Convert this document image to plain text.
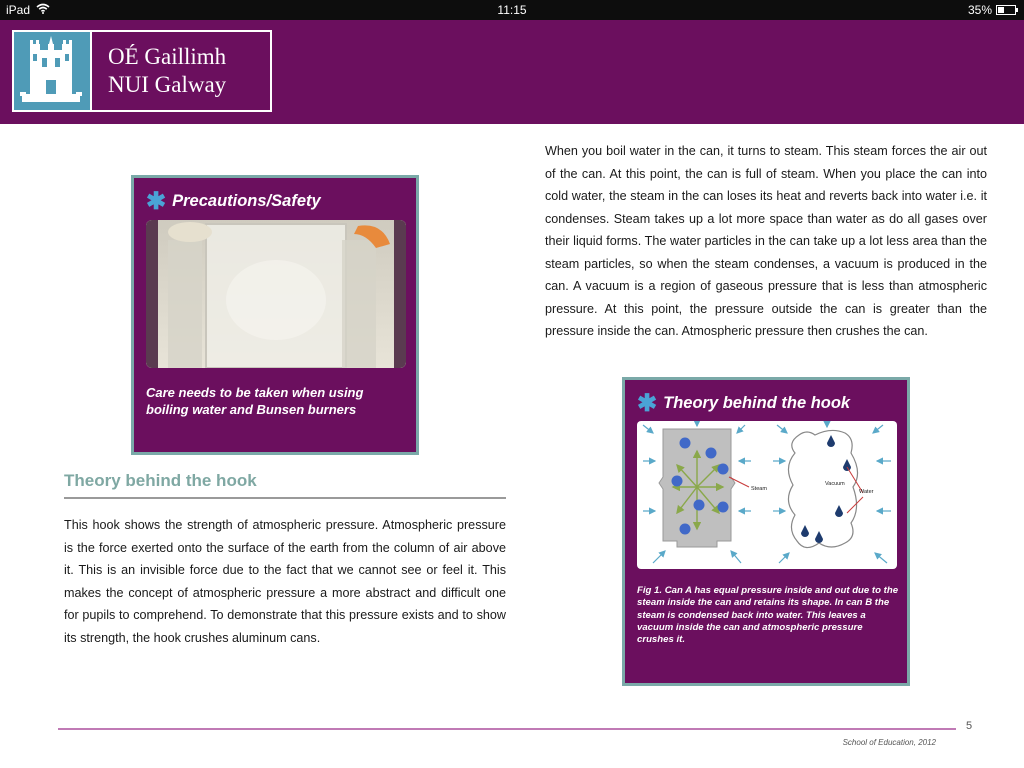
iPad	11:15	35%
OÉ Gaillimh
NUI Galway

When you boil water in the can, it turns to steam. This steam forces the air out of the can. At this point, the can is full of steam. When you place the can into cold water, the steam in the can loses its heat and reverts back into water i.e. it condenses. Steam takes up a lot more space than water as do all gases over their liquid forms. The water particles in the can take up a lot less area than the steam particles, so when the steam condenses, a vacuum is produced in the can. A vacuum is a region of gaseous pressure that is less than atmospheric pressure. At this point, the pressure outside the can is greater than the pressure inside the can. Atmospheric pressure then crushes the can.

✱ Precautions/Safety

Care needs to be taken when using boiling water and Bunsen burners	✱ Theory behind the hook
Steam
Vacuum
Water

Fig 1. Can A has equal pressure inside and out due to the steam inside the can and retains its shape. In can B the steam is condensed back into water. This leaves a vacuum inside the can and atmospheric pressure crushes it.

Theory behind the hook

This hook shows the strength of atmospheric pressure. Atmospheric pressure is the force exerted onto the surface of the earth from the column of air above it. This is an invisible force due to the fact that we cannot see or feel it. This makes the concept of atmospheric pressure a more abstract and difficult one for pupils to comprehend. To demonstrate that this pressure exists and to show its strength, the hook crushes aluminum cans.

5
School of Education, 2012
